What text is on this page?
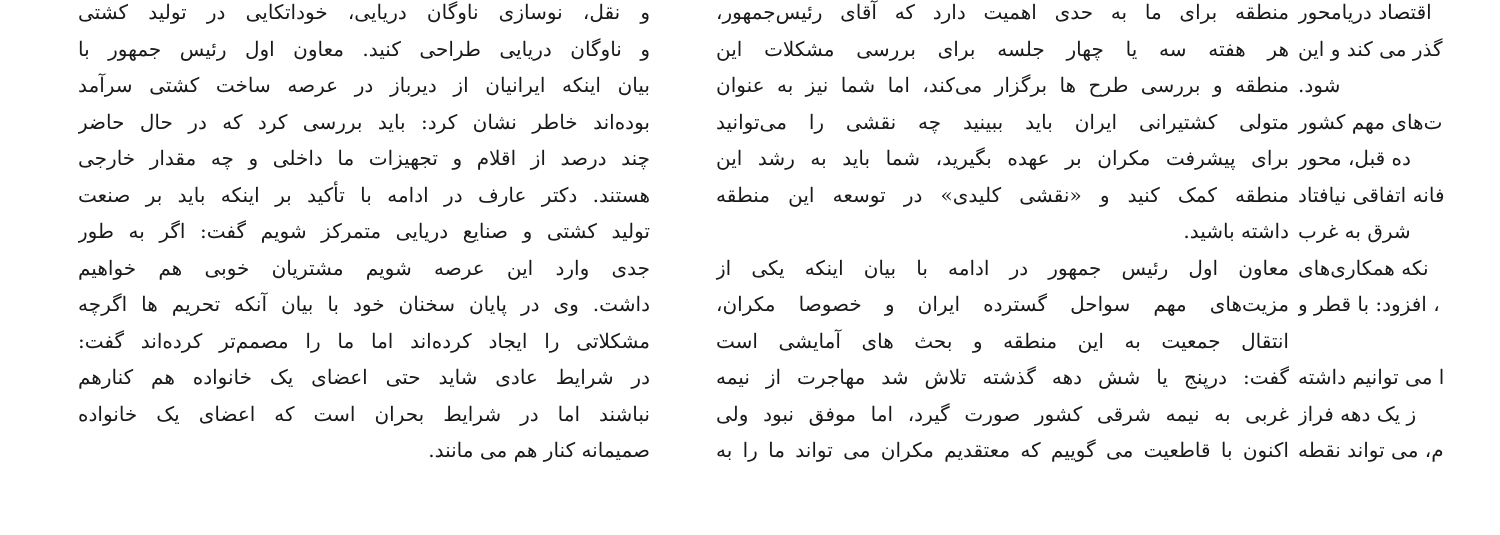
و نقل، نوسازی ناوگان دریایی، خوداتکایی در تولید کشتی
و ناوگان دریایی طراحی کنید. معاون اول رئیس جمهور با
بیان اینکه ایرانیان از دیرباز در عرصه ساخت کشتی سرآمد
بوده‌اند خاطر نشان کرد: باید بررسی کرد که در حال حاضر
چند درصد از اقلام و تجهیزات ما داخلی و چه مقدار خارجی
هستند. دکتر عارف در ادامه با تأکید بر اینکه باید بر صنعت
تولید کشتی و صنایع دریایی متمرکز شویم گفت: اگر به طور
جدی وارد این عرصه شویم مشتریان خوبی هم خواهیم
داشت. وی در پایان سخنان خود با بیان آنکه تحریم ها اگرچه
مشکلاتی را ایجاد کرده‌اند اما ما را مصمم‌تر کرده‌اند گفت:
در شرایط عادی شاید حتی اعضای یک خانواده هم کنارهم
نباشند اما در شرایط بحران است که اعضای یک خانواده
صمیمانه کنار هم می مانند.
منطقه برای ما به حدی اهمیت دارد که آقای رئیس‌جمهور،
هر هفته سه یا چهار جلسه برای بررسی مشکلات این
منطقه و بررسی طرح ها برگزار می‌کند، اما شما نیز به عنوان
متولی کشتیرانی ایران باید ببینید چه نقشی را می‌توانید
برای پیشرفت مکران بر عهده بگیرید، شما باید به رشد این
منطقه کمک کنید و «نقشی کلیدی» در توسعه این منطقه
داشته باشید.
معاون اول رئیس جمهور در ادامه با بیان اینکه یکی از
مزیت‌های مهم سواحل گسترده ایران و خصوصا مکران،
انتقال جمعیت به این منطقه و بحث های آمایشی است
گفت: درپنج یا شش دهه گذشته تلاش شد مهاجرت از نیمه
غربی به نیمه شرقی کشور صورت گیرد، اما موفق نبود ولی
اکنون با قاطعیت می گوییم که معتقدیم مکران می تواند ما را به
اقتصاد دریامحور
گذر می کند و این
شود.
ت‌های مهم کشور
ده قبل، محور
فانه اتفاقی نیافتاد
شرق به غرب
نکه همکاری‌های
، افزود: با قطر و
ا می توانیم داشته
ز یک دهه فراز
م، می تواند نقطه
